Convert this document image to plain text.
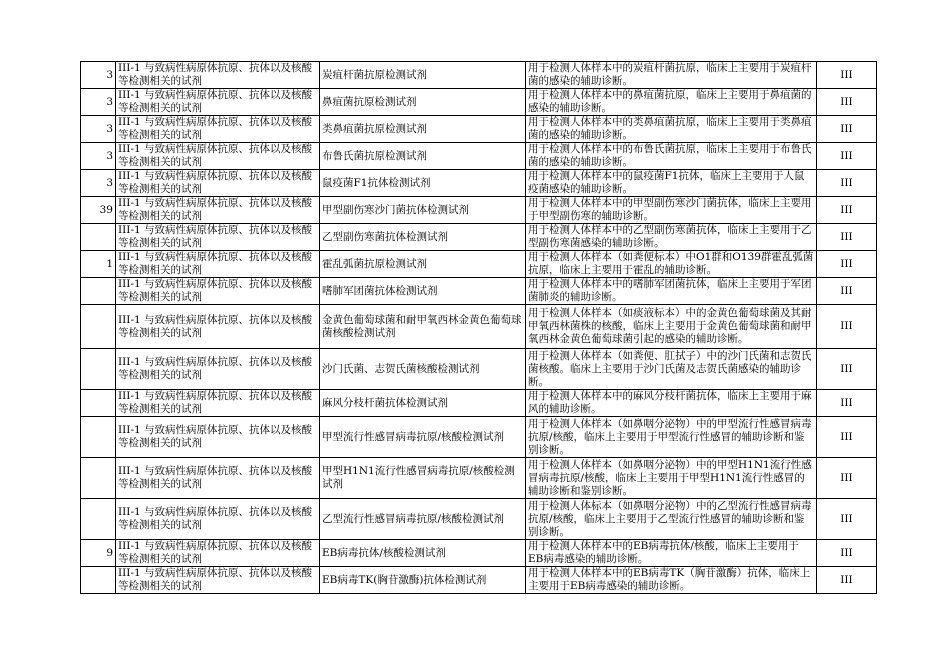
3	III-1 与致病性病原体抗原、抗体以及核酸等检测相关的试剂	炭疽杆菌抗原检测试剂	用于检测人体样本中的炭疽杆菌抗原，临床上主要用于炭疽杆菌的感染的辅助诊断。	III
3	III-1 与致病性病原体抗原、抗体以及核酸等检测相关的试剂	鼻疽菌抗原检测试剂	用于检测人体样本中的鼻疽菌抗原，临床上主要用于鼻疽菌的感染的辅助诊断。	III
3	III-1 与致病性病原体抗原、抗体以及核酸等检测相关的试剂	类鼻疽菌抗原检测试剂	用于检测人体样本中的类鼻疽菌抗原，临床上主要用于类鼻疽菌的感染的辅助诊断。	III
3	III-1 与致病性病原体抗原、抗体以及核酸等检测相关的试剂	布鲁氏菌抗原检测试剂	用于检测人体样本中的布鲁氏菌抗原，临床上主要用于布鲁氏菌的感染的辅助诊断。	III
3	III-1 与致病性病原体抗原、抗体以及核酸等检测相关的试剂	鼠疫菌F1抗体检测试剂	用于检测人体样本中的鼠疫菌F1抗体，临床上主要用于人鼠疫菌感染的辅助诊断。	III
39	III-1 与致病性病原体抗原、抗体以及核酸等检测相关的试剂	甲型副伤寒沙门菌抗体检测试剂	用于检测人体样本中的甲型副伤寒沙门菌抗体，临床上主要用于甲型副伤寒的辅助诊断。	III
	III-1 与致病性病原体抗原、抗体以及核酸等检测相关的试剂	乙型副伤寒菌抗体检测试剂	用于检测人体样本中的乙型副伤寒菌抗体，临床上主要用于乙型副伤寒菌感染的辅助诊断。	III
1	III-1 与致病性病原体抗原、抗体以及核酸等检测相关的试剂	霍乱弧菌抗原检测试剂	用于检测人体样本（如粪便标本）中O1群和O139群霍乱弧菌抗原，临床上主要用于霍乱的辅助诊断。	III
	III-1 与致病性病原体抗原、抗体以及核酸等检测相关的试剂	嗜肺军团菌抗体检测试剂	用于检测人体样本中的嗜肺军团菌抗体，临床上主要用于军团菌肺炎的辅助诊断。	III
	III-1 与致病性病原体抗原、抗体以及核酸等检测相关的试剂	金黄色葡萄球菌和耐甲氧西林金黄色葡萄球菌核酸检测试剂	用于检测人体样本（如痰液标本）中的金黄色葡萄球菌及其耐甲氧西林菌株的核酸，临床上主要用于金黄色葡萄球菌和耐甲氧西林金黄色葡萄球菌引起的感染的辅助诊断。	III
	III-1 与致病性病原体抗原、抗体以及核酸等检测相关的试剂	沙门氏菌、志贺氏菌核酸检测试剂	用于检测人体样本（如粪便、肛拭子）中的沙门氏菌和志贺氏菌核酸。临床上主要用于沙门氏菌及志贺氏菌感染的辅助诊断。	III
	III-1 与致病性病原体抗原、抗体以及核酸等检测相关的试剂	麻风分枝杆菌抗体检测试剂	用于检测人体样本中的麻风分枝杆菌抗体，临床上主要用于麻风的辅助诊断。	III
	III-1 与致病性病原体抗原、抗体以及核酸等检测相关的试剂	甲型流行性感冒病毒抗原/核酸检测试剂	用于检测人体样本（如鼻咽分泌物）中的甲型流行性感冒病毒抗原/核酸，临床上主要用于甲型流行性感冒的辅助诊断和鉴别诊断。	III
	III-1 与致病性病原体抗原、抗体以及核酸等检测相关的试剂	甲型H1N1流行性感冒病毒抗原/核酸检测试剂	用于检测人体样本（如鼻咽分泌物）中的甲型H1N1流行性感冒病毒抗原/核酸，临床上主要用于甲型H1N1流行性感冒的辅助诊断和鉴别诊断。	III
	III-1 与致病性病原体抗原、抗体以及核酸等检测相关的试剂	乙型流行性感冒病毒抗原/核酸检测试剂	用于检测人体标本（如鼻咽分泌物）中的乙型流行性感冒病毒抗原/核酸，临床上主要用于乙型流行性感冒的辅助诊断和鉴别诊断。	III
9	III-1 与致病性病原体抗原、抗体以及核酸等检测相关的试剂	EB病毒抗体/核酸检测试剂	用于检测人体样本中的EB病毒抗体/核酸，临床上主要用于EB病毒感染的辅助诊断。	III
	III-1 与致病性病原体抗原、抗体以及核酸等检测相关的试剂	EB病毒TK(胸苷激酶)抗体检测试剂	用于检测人体样本中的EB病毒TK（胸苷激酶）抗体，临床上主要用于EB病毒感染的辅助诊断。	III
